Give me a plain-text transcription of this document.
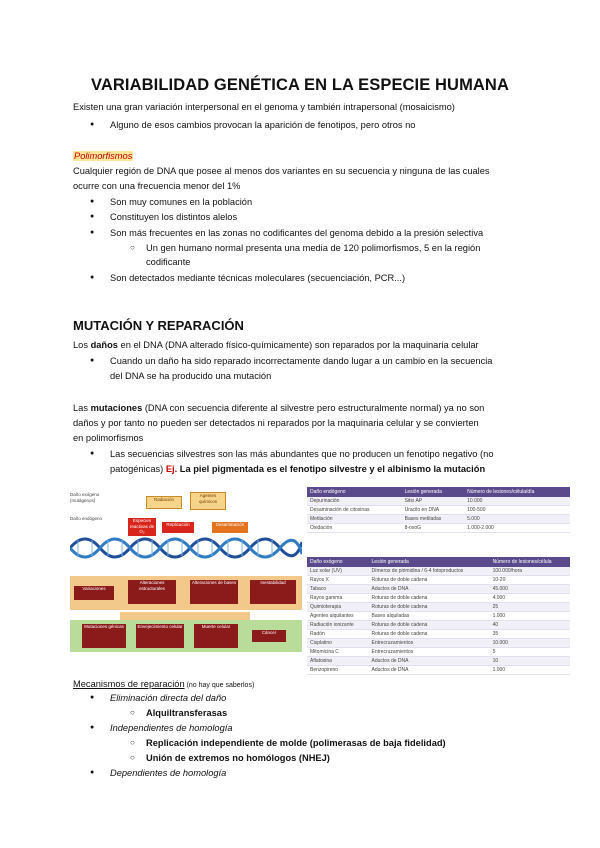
VARIABILIDAD GENÉTICA EN LA ESPECIE HUMANA
Existen una gran variación interpersonal en el genoma y también intrapersonal (mosaicismo)
● Alguno de esos cambios provocan la aparición de fenotipos, pero otros no
Polimorfismos
Cualquier región de DNA que posee al menos dos variantes en su secuencia y ninguna de las cuales
ocurre con una frecuencia menor del 1%
● Son muy comunes en la población
● Constituyen los distintos alelos
● Son más frecuentes en las zonas no codificantes del genoma debido a la presión selectiva
○ Un gen humano normal presenta una media de 120 polimorfismos, 5 en la región
codificante
● Son detectados mediante técnicas moleculares (secuenciación, PCR...)
MUTACIÓN Y REPARACIÓN
Los daños en el DNA (DNA alterado físico-químicamente) son reparados por la maquinaria celular
● Cuando un daño ha sido reparado incorrectamente dando lugar a un cambio en la secuencia
del DNA se ha producido una mutación
Las mutaciones (DNA con secuencia diferente al silvestre pero estructuralmente normal) ya no son
daños y por tanto no pueden ser detectados ni reparados por la maquinaria celular y se convierten
en polimorfismos
● Las secuencias silvestres son las más abundantes que no producen un fenotipo negativo (no
patogénicas) Ej. La piel pigmentada es el fenotipo silvestre y el albinismo la mutación
Daño exógeno (mutágenos)
Daño endógeno
Radiación
Agentes químicos
Especies reactivas de O₂
Replicación	Desaminación
Variaciones
Alteraciones estructurales
Alteraciones de bases	Inestabilidad
Mutaciones génicas	Envejecimiento celular	Muerte celular
Cáncer
Daño endógeno	Lesión generada	Número de lesiones/célula/día
Depurinación	Sitio AP	10.000
Desaminación de citosinas	Uracilo en DNA	100-500
Metilación	Bases metiladas	5.000
Oxidación	8-oxoG	1.000-2.000
Daño exógeno	Lesión generada	Número de lesiones/célula
Luz solar (UV)	Dímeros de pirimidina / 6-4 fotoproductos	100.000/hora
Rayos X	Roturas de doble cadena	10-20
Tabaco	Aductos de DNA	45.000
Rayos gamma	Roturas de doble cadena	4.000
Quimioterapia	Roturas de doble cadena	25
Agentes alquilantes	Bases alquiladas	1.000
Radiación ionizante	Roturas de doble cadena	40
Radón	Roturas de doble cadena	35
Cisplatino	Entrecruzamientos	10.000
Mitomicina C	Entrecruzamientos	5
Aflatoxina	Aductos de DNA	10
Benzopireno	Aductos de DNA	1.000
Mecanismos de reparación (no hay que saberlos)
● Eliminación directa del daño
○ Alquiltransferasas
● Independientes de homología
○ Replicación independiente de molde (polimerasas de baja fidelidad)
○ Unión de extremos no homólogos (NHEJ)
● Dependientes de homología
